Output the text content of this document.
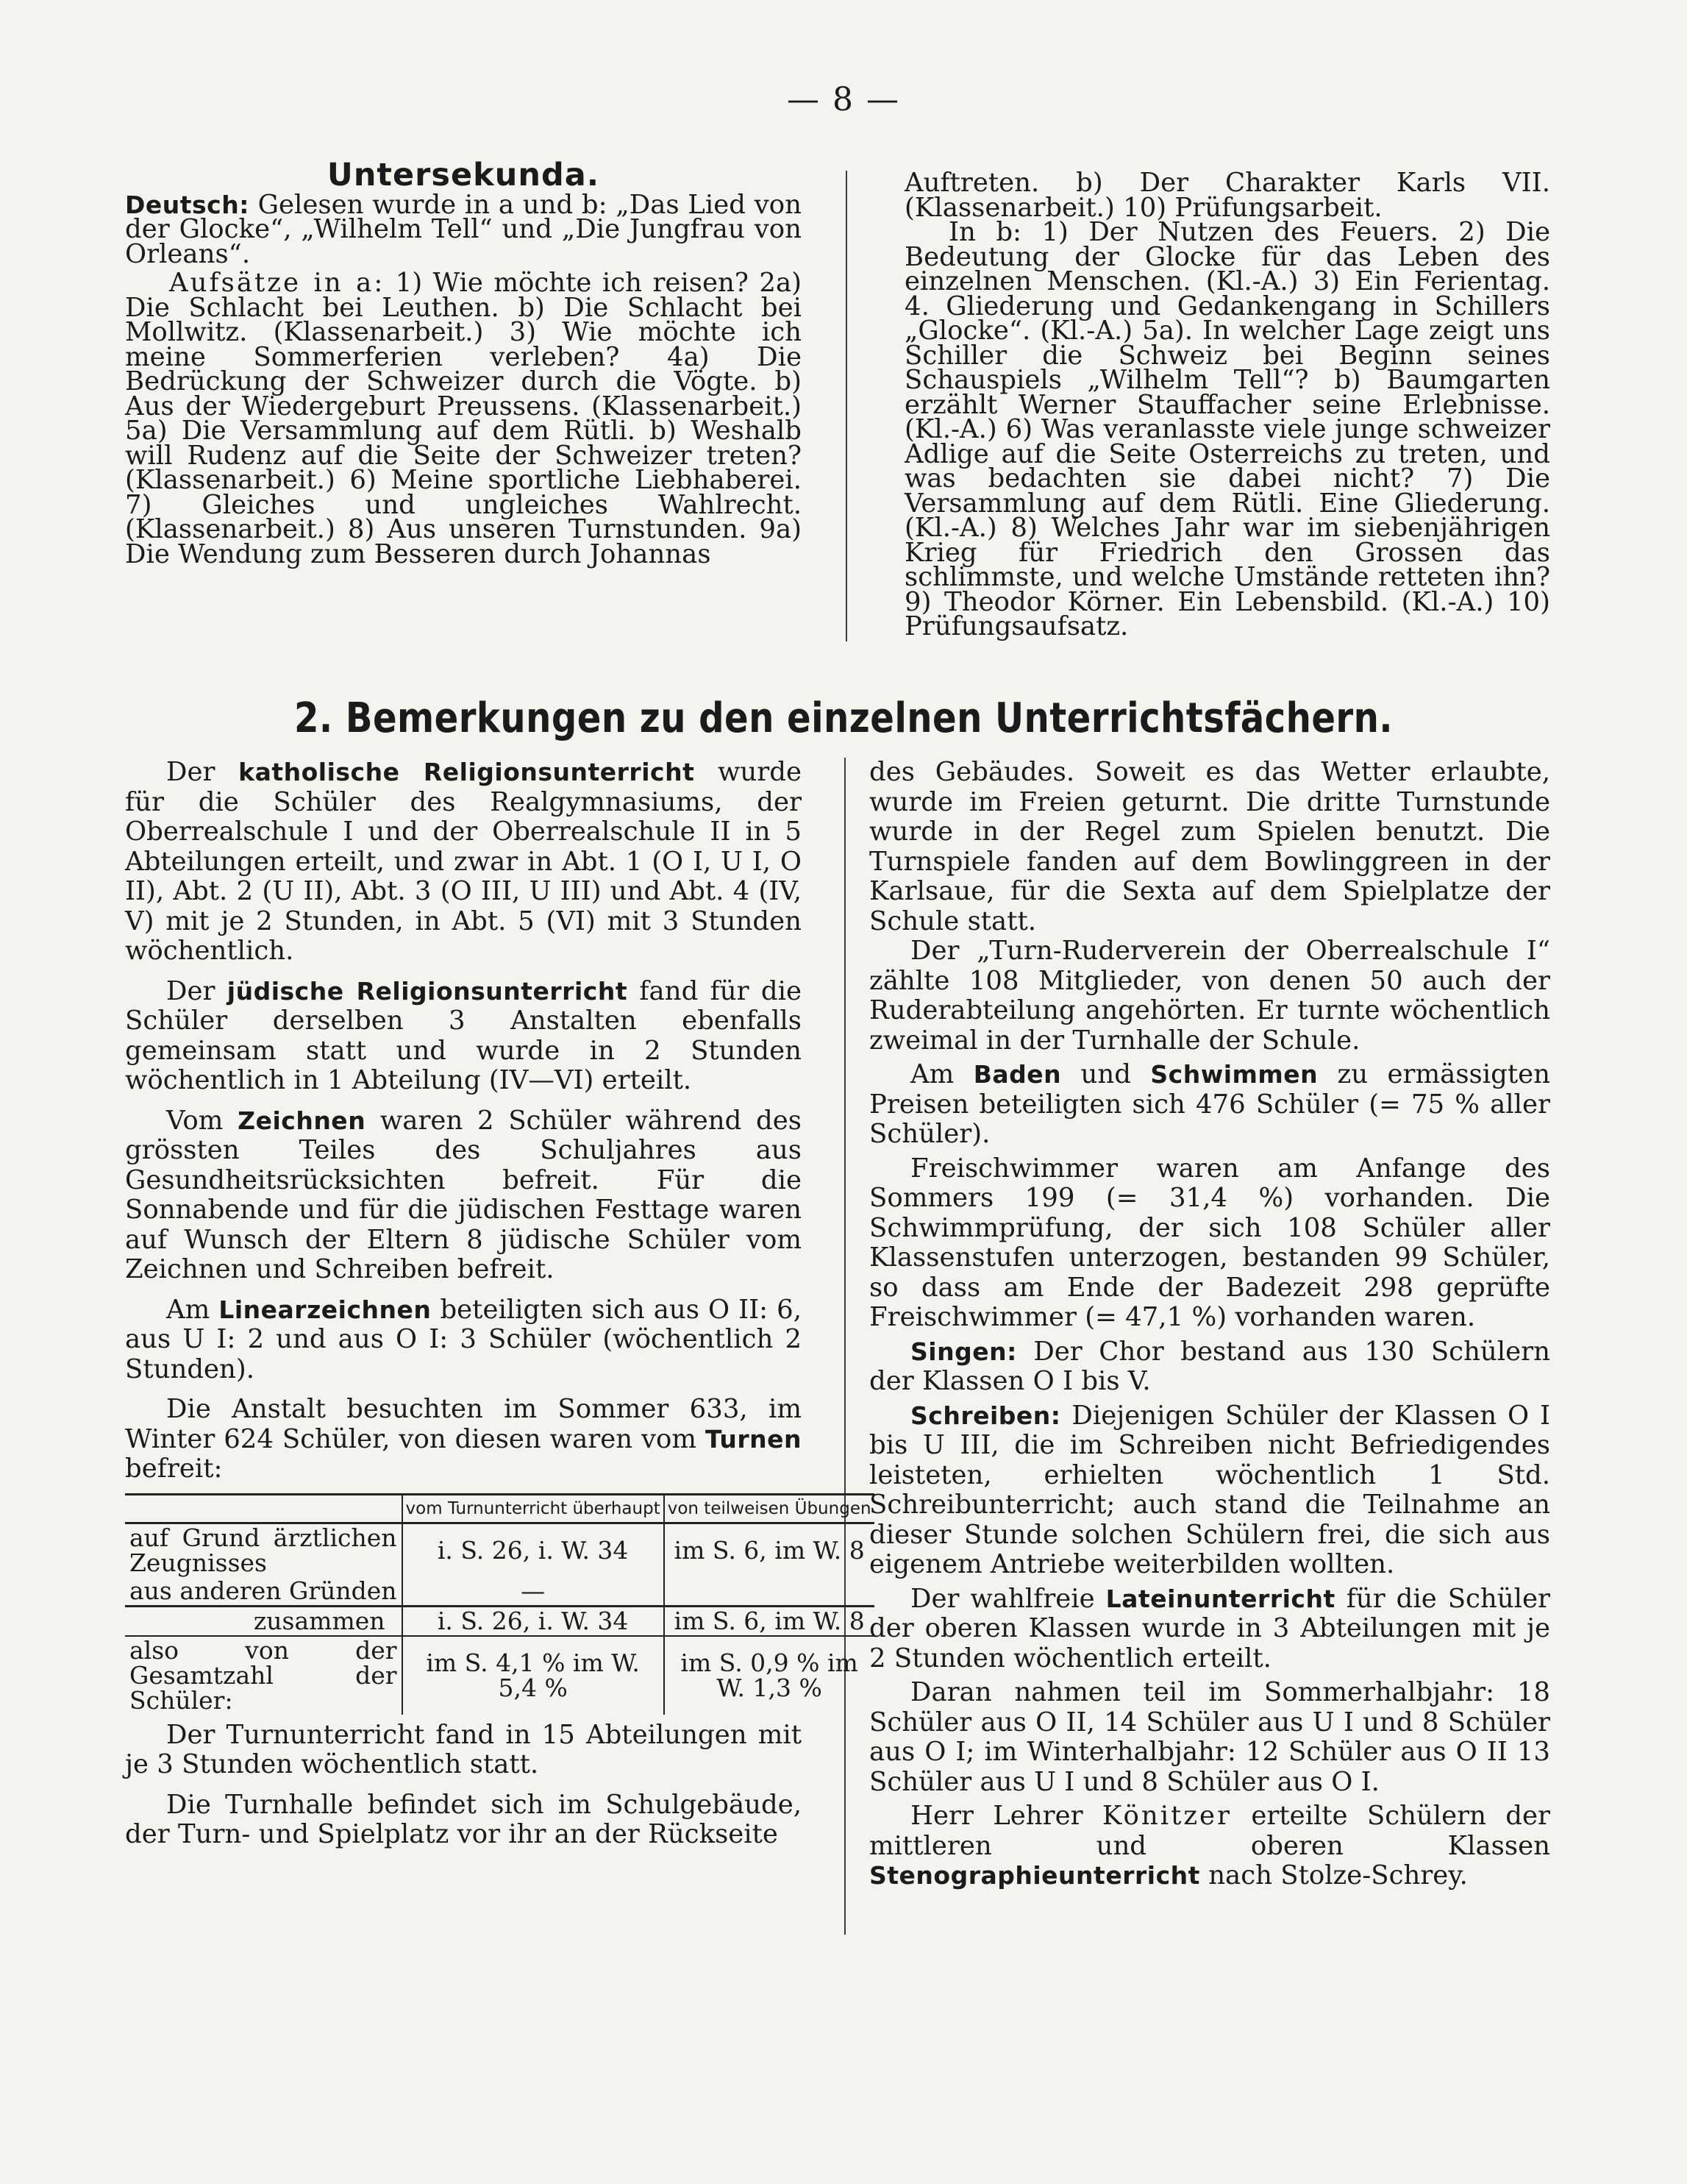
— 8 —
Untersekunda.

Deutsch: Gelesen wurde in a und b: „Das Lied von der Glocke“, „Wilhelm Tell“ und „Die Jungfrau von Orleans“.

Aufsätze in a: 1) Wie möchte ich reisen? 2a) Die Schlacht bei Leuthen. b) Die Schlacht bei Mollwitz. (Klassenarbeit.) 3) Wie möchte ich meine Sommerferien verleben? 4a) Die Bedrückung der Schweizer durch die Vögte. b) Aus der Wiedergeburt Preussens. (Klassenarbeit.) 5a) Die Versammlung auf dem Rütli. b) Weshalb will Rudenz auf die Seite der Schweizer treten? (Klassenarbeit.) 6) Meine sportliche Liebhaberei. 7) Gleiches und ungleiches Wahlrecht. (Klassenarbeit.) 8) Aus unseren Turnstunden. 9a) Die Wendung zum Besseren durch Johannas

Auftreten. b) Der Charakter Karls VII. (Klassenarbeit.) 10) Prüfungsarbeit.

In b: 1) Der Nutzen des Feuers. 2) Die Bedeutung der Glocke für das Leben des einzelnen Menschen. (Kl.-A.) 3) Ein Ferientag. 4. Gliederung und Gedankengang in Schillers „Glocke“. (Kl.-A.) 5a). In welcher Lage zeigt uns Schiller die Schweiz bei Beginn seines Schauspiels „Wilhelm Tell“? b) Baumgarten erzählt Werner Stauffacher seine Erlebnisse. (Kl.-A.) 6) Was veranlasste viele junge schweizer Adlige auf die Seite Osterreichs zu treten, und was bedachten sie dabei nicht? 7) Die Versammlung auf dem Rütli. Eine Gliederung. (Kl.-A.) 8) Welches Jahr war im siebenjährigen Krieg für Friedrich den Grossen das schlimmste, und welche Umstände retteten ihn? 9) Theodor Körner. Ein Lebensbild. (Kl.-A.) 10) Prüfungsaufsatz.

2. Bemerkungen zu den einzelnen Unterrichtsfächern.

Der katholische Religionsunterricht wurde für die Schüler des Realgymnasiums, der Oberrealschule I und der Oberrealschule II in 5 Abteilungen erteilt, und zwar in Abt. 1 (O I, U I, O II), Abt. 2 (U II), Abt. 3 (O III, U III) und Abt. 4 (IV, V) mit je 2 Stunden, in Abt. 5 (VI) mit 3 Stunden wöchentlich.

Der jüdische Religionsunterricht fand für die Schüler derselben 3 Anstalten ebenfalls gemeinsam statt und wurde in 2 Stunden wöchentlich in 1 Abteilung (IV—VI) erteilt.

Vom Zeichnen waren 2 Schüler während des grössten Teiles des Schuljahres aus Gesundheitsrücksichten befreit. Für die Sonnabende und für die jüdischen Festtage waren auf Wunsch der Eltern 8 jüdische Schüler vom Zeichnen und Schreiben befreit.

Am Linearzeichnen beteiligten sich aus O II: 6, aus U I: 2 und aus O I: 3 Schüler (wöchentlich 2 Stunden).

Die Anstalt besuchten im Sommer 633, im Winter 624 Schüler, von diesen waren vom Turnen befreit:

	vom Turnunterricht überhaupt	von teilweisen Übungen
auf Grund ärztlichen Zeugnisses	i. S. 26, i. W. 34	im S. 6, im W. 8
aus anderen Gründen	—	
zusammen	i. S. 26, i. W. 34	im S. 6, im W. 8
also von der Gesamtzahl der Schüler:	im S. 4,1 % im W. 5,4 %	im S. 0,9 % im W. 1,3 %

Der Turnunterricht fand in 15 Abteilungen mit je 3 Stunden wöchentlich statt.

Die Turnhalle befindet sich im Schulgebäude, der Turn- und Spielplatz vor ihr an der Rückseite

des Gebäudes. Soweit es das Wetter erlaubte, wurde im Freien geturnt. Die dritte Turnstunde wurde in der Regel zum Spielen benutzt. Die Turnspiele fanden auf dem Bowlinggreen in der Karlsaue, für die Sexta auf dem Spielplatze der Schule statt.

Der „Turn-Ruderverein der Oberrealschule I“ zählte 108 Mitglieder, von denen 50 auch der Ruderabteilung angehörten. Er turnte wöchentlich zweimal in der Turnhalle der Schule.

Am Baden und Schwimmen zu ermässigten Preisen beteiligten sich 476 Schüler (= 75 % aller Schüler).

Freischwimmer waren am Anfange des Sommers 199 (= 31,4 %) vorhanden. Die Schwimmprüfung, der sich 108 Schüler aller Klassenstufen unterzogen, bestanden 99 Schüler, so dass am Ende der Badezeit 298 geprüfte Freischwimmer (= 47,1 %) vorhanden waren.

Singen: Der Chor bestand aus 130 Schülern der Klassen O I bis V.

Schreiben: Diejenigen Schüler der Klassen O I bis U III, die im Schreiben nicht Befriedigendes leisteten, erhielten wöchentlich 1 Std. Schreibunterricht; auch stand die Teilnahme an dieser Stunde solchen Schülern frei, die sich aus eigenem Antriebe weiterbilden wollten.

Der wahlfreie Lateinunterricht für die Schüler der oberen Klassen wurde in 3 Abteilungen mit je 2 Stunden wöchentlich erteilt.

Daran nahmen teil im Sommerhalbjahr: 18 Schüler aus O II, 14 Schüler aus U I und 8 Schüler aus O I; im Winterhalbjahr: 12 Schüler aus O II 13 Schüler aus U I und 8 Schüler aus O I.

Herr Lehrer Könitzer erteilte Schülern der mittleren und oberen Klassen Stenographieunterricht nach Stolze-Schrey.
